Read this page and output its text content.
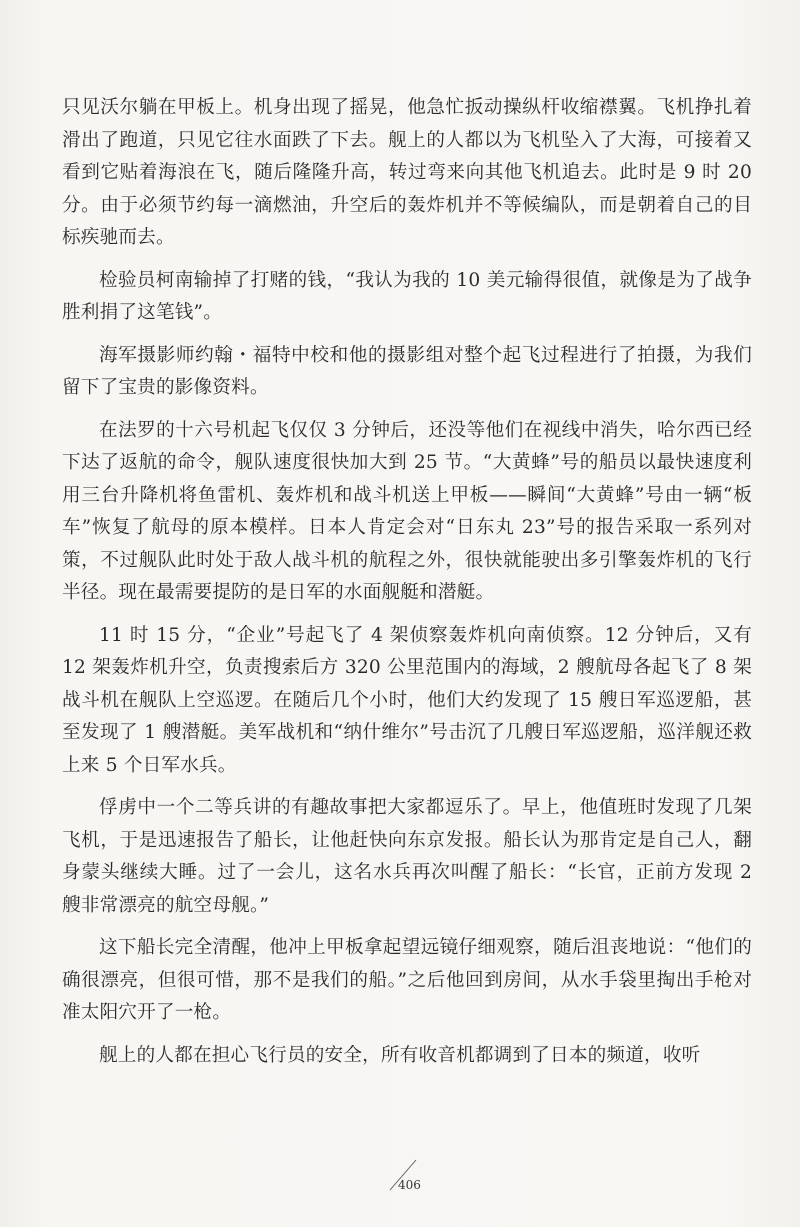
只见沃尔躺在甲板上。机身出现了摇晃，他急忙扳动操纵杆收缩襟翼。飞机挣扎着滑出了跑道，只见它往水面跌了下去。舰上的人都以为飞机坠入了大海，可接着又看到它贴着海浪在飞，随后隆隆升高，转过弯来向其他飞机追去。此时是 9 时 20 分。由于必须节约每一滴燃油，升空后的轰炸机并不等候编队，而是朝着自己的目标疾驰而去。

检验员柯南输掉了打赌的钱，“我认为我的 10 美元输得很值，就像是为了战争胜利捐了这笔钱”。

海军摄影师约翰・福特中校和他的摄影组对整个起飞过程进行了拍摄，为我们留下了宝贵的影像资料。

在法罗的十六号机起飞仅仅 3 分钟后，还没等他们在视线中消失，哈尔西已经下达了返航的命令，舰队速度很快加大到 25 节。“大黄蜂”号的船员以最快速度利用三台升降机将鱼雷机、轰炸机和战斗机送上甲板——瞬间“大黄蜂”号由一辆“板车”恢复了航母的原本模样。日本人肯定会对“日东丸 23”号的报告采取一系列对策，不过舰队此时处于敌人战斗机的航程之外，很快就能驶出多引擎轰炸机的飞行半径。现在最需要提防的是日军的水面舰艇和潜艇。

11 时 15 分，“企业”号起飞了 4 架侦察轰炸机向南侦察。12 分钟后，又有 12 架轰炸机升空，负责搜索后方 320 公里范围内的海域，2 艘航母各起飞了 8 架战斗机在舰队上空巡逻。在随后几个小时，他们大约发现了 15 艘日军巡逻船，甚至发现了 1 艘潜艇。美军战机和“纳什维尔”号击沉了几艘日军巡逻船，巡洋舰还救上来 5 个日军水兵。

俘虏中一个二等兵讲的有趣故事把大家都逗乐了。早上，他值班时发现了几架飞机，于是迅速报告了船长，让他赶快向东京发报。船长认为那肯定是自己人，翻身蒙头继续大睡。过了一会儿，这名水兵再次叫醒了船长：“长官，正前方发现 2 艘非常漂亮的航空母舰。”

这下船长完全清醒，他冲上甲板拿起望远镜仔细观察，随后沮丧地说：“他们的确很漂亮，但很可惜，那不是我们的船。”之后他回到房间，从水手袋里掏出手枪对准太阳穴开了一枪。

舰上的人都在担心飞行员的安全，所有收音机都调到了日本的频道，收听

406
